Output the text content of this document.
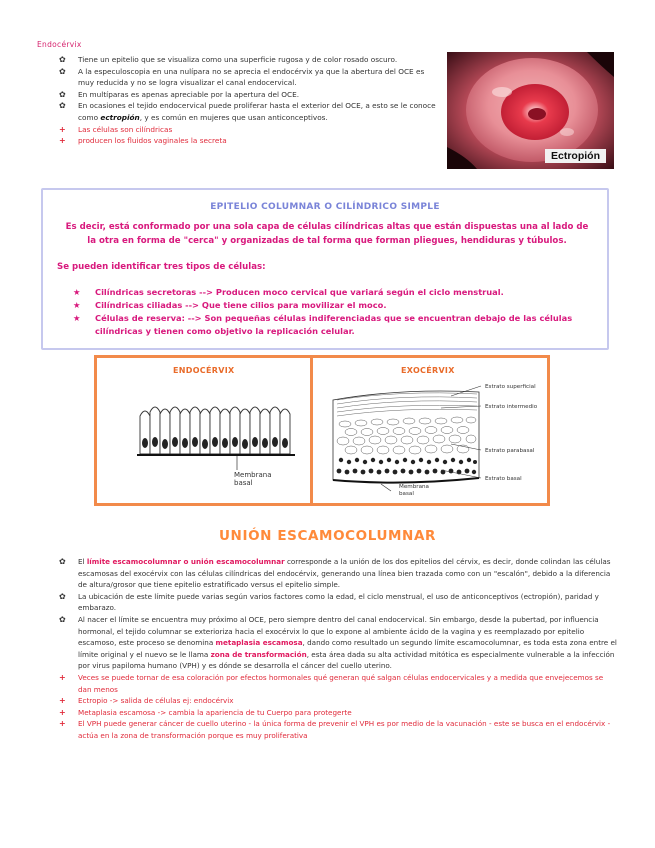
Endocérvix
✿ Tiene un epitelio que se visualiza como una superficie rugosa y de color rosado oscuro.
✿ A la especuloscopia en una nulípara no se aprecia el endocérvix ya que la abertura del OCE es muy reducida y no se logra visualizar el canal endocervical.
✿ En multíparas es apenas apreciable por la apertura del OCE.
✿ En ocasiones el tejido endocervical puede proliferar hasta el exterior del OCE, a esto se le conoce como ectropión, y es común en mujeres que usan anticonceptivos.
+ Las células son cilíndricas
+ producen los fluidos vaginales la secreta
Ectropión
EPITELIO COLUMNAR O CILÍNDRICO SIMPLE
Es decir, está conformado por una sola capa de células cilíndricas altas que están dispuestas una al lado de la otra en forma de "cerca" y organizadas de tal forma que forman pliegues, hendiduras y túbulos.
Se pueden identificar tres tipos de células:
★ Cilíndricas secretoras --> Producen moco cervical que variará según el ciclo menstrual.
★ Cilíndricas ciliadas --> Que tiene cilios para movilizar el moco.
★ Células de reserva: --> Son pequeñas células indiferenciadas que se encuentran debajo de las células cilíndricas y tienen como objetivo la replicación celular.
ENDOCÉRVIX	EXOCÉRVIX
Membrana
basal
Estrato superficial
Estrato intermedio
Estrato parabasal
Estrato basal
Membrana
basal
UNIÓN ESCAMOCOLUMNAR
✿ El límite escamocolumnar o unión escamocolumnar corresponde a la unión de los dos epitelios del cérvix, es decir, donde colindan las células escamosas del exocérvix con las células cilíndricas del endocérvix, generando una línea bien trazada como con un "escalón", debido a la diferencia de altura/grosor que tiene epitelio estratificado versus el epitelio simple.
✿ La ubicación de este límite puede varias según varios factores como la edad, el ciclo menstrual, el uso de anticonceptivos (ectropión), paridad y embarazo.
✿ Al nacer el límite se encuentra muy próximo al OCE, pero siempre dentro del canal endocervical. Sin embargo, desde la pubertad, por influencia hormonal, el tejido columnar se exterioriza hacia el exocérvix lo que lo expone al ambiente ácido de la vagina y es reemplazado por epitelio escamoso, este proceso se denomina metaplasia escamosa, dando como resultado un segundo límite escamocolumnar, es toda esta zona entre el límite original y el nuevo se le llama zona de transformación, esta área dada su alta actividad mitótica es especialmente vulnerable a la infección por virus papiloma humano (VPH) y es dónde se desarrolla el cáncer del cuello uterino.
+ Veces se puede tornar de esa coloración por efectos hormonales qué generan qué salgan células endocervicales y a medida que envejecemos se dan menos
+ Ectropio -> salida de células ej: endocérvix
+ Metaplasia escamosa -> cambia la apariencia de tu Cuerpo para protegerte
+ El VPH puede generar cáncer de cuello uterino - la única forma de prevenir el VPH es por medio de la vacunación - este se busca en el endocérvix - actúa en la zona de transformación porque es muy proliferativa
